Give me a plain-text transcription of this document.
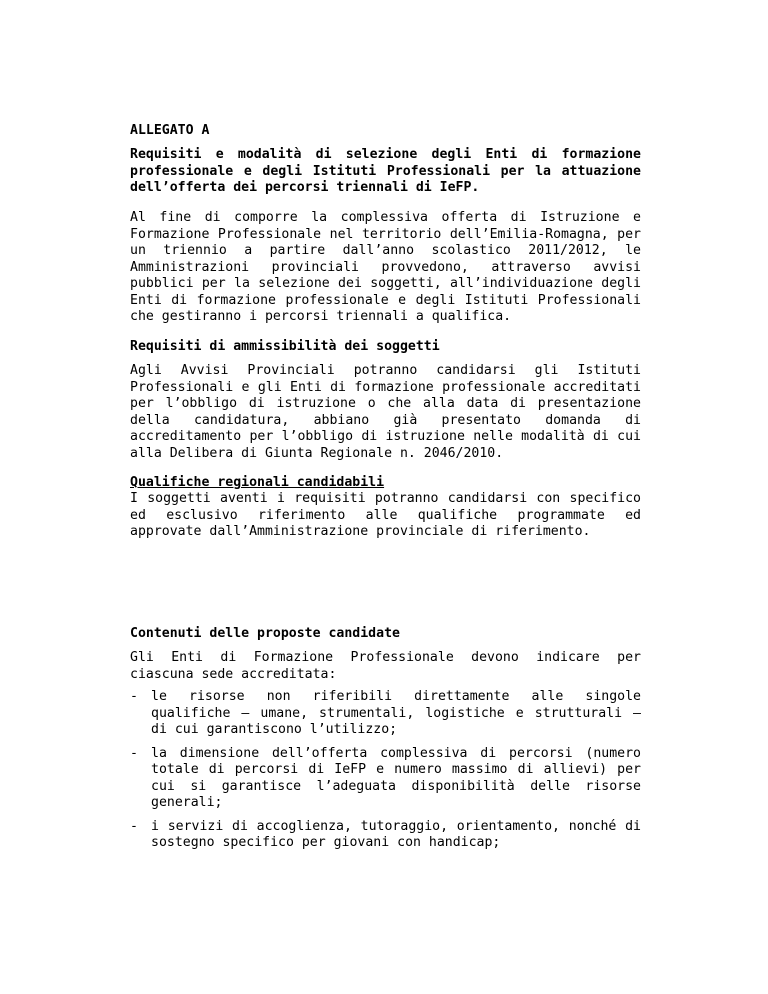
ALLEGATO A

Requisiti e modalità di selezione degli Enti di formazione professionale e degli Istituti Professionali per la attuazione dell’offerta dei percorsi triennali di IeFP.

Al fine di comporre la complessiva offerta di Istruzione e Formazione Professionale nel territorio dell’Emilia-Romagna, per un triennio a partire dall’anno scolastico 2011/2012, le Amministrazioni provinciali provvedono, attraverso avvisi pubblici per la selezione dei soggetti, all’individuazione degli Enti di formazione professionale e degli Istituti Professionali che gestiranno i percorsi triennali a qualifica.

Requisiti di ammissibilità dei soggetti

Agli Avvisi Provinciali potranno candidarsi gli Istituti Professionali e gli Enti di formazione professionale accreditati per l’obbligo di istruzione o che alla data di presentazione della candidatura, abbiano già presentato domanda di accreditamento per l’obbligo di istruzione nelle modalità di cui alla Delibera di Giunta Regionale n. 2046/2010.

Qualifiche regionali candidabili

I soggetti aventi i requisiti potranno candidarsi con specifico ed esclusivo riferimento alle qualifiche programmate ed approvate dall’Amministrazione provinciale di riferimento.

Contenuti delle proposte candidate

Gli Enti di Formazione Professionale devono indicare per ciascuna sede accreditata:

- le risorse non riferibili direttamente alle singole qualifiche – umane, strumentali, logistiche e strutturali – di cui garantiscono l’utilizzo;
- la dimensione dell’offerta complessiva di percorsi (numero totale di percorsi di IeFP e numero massimo di allievi) per cui si garantisce l’adeguata disponibilità delle risorse generali;
- i servizi di accoglienza, tutoraggio, orientamento, nonché di sostegno specifico per giovani con handicap;
